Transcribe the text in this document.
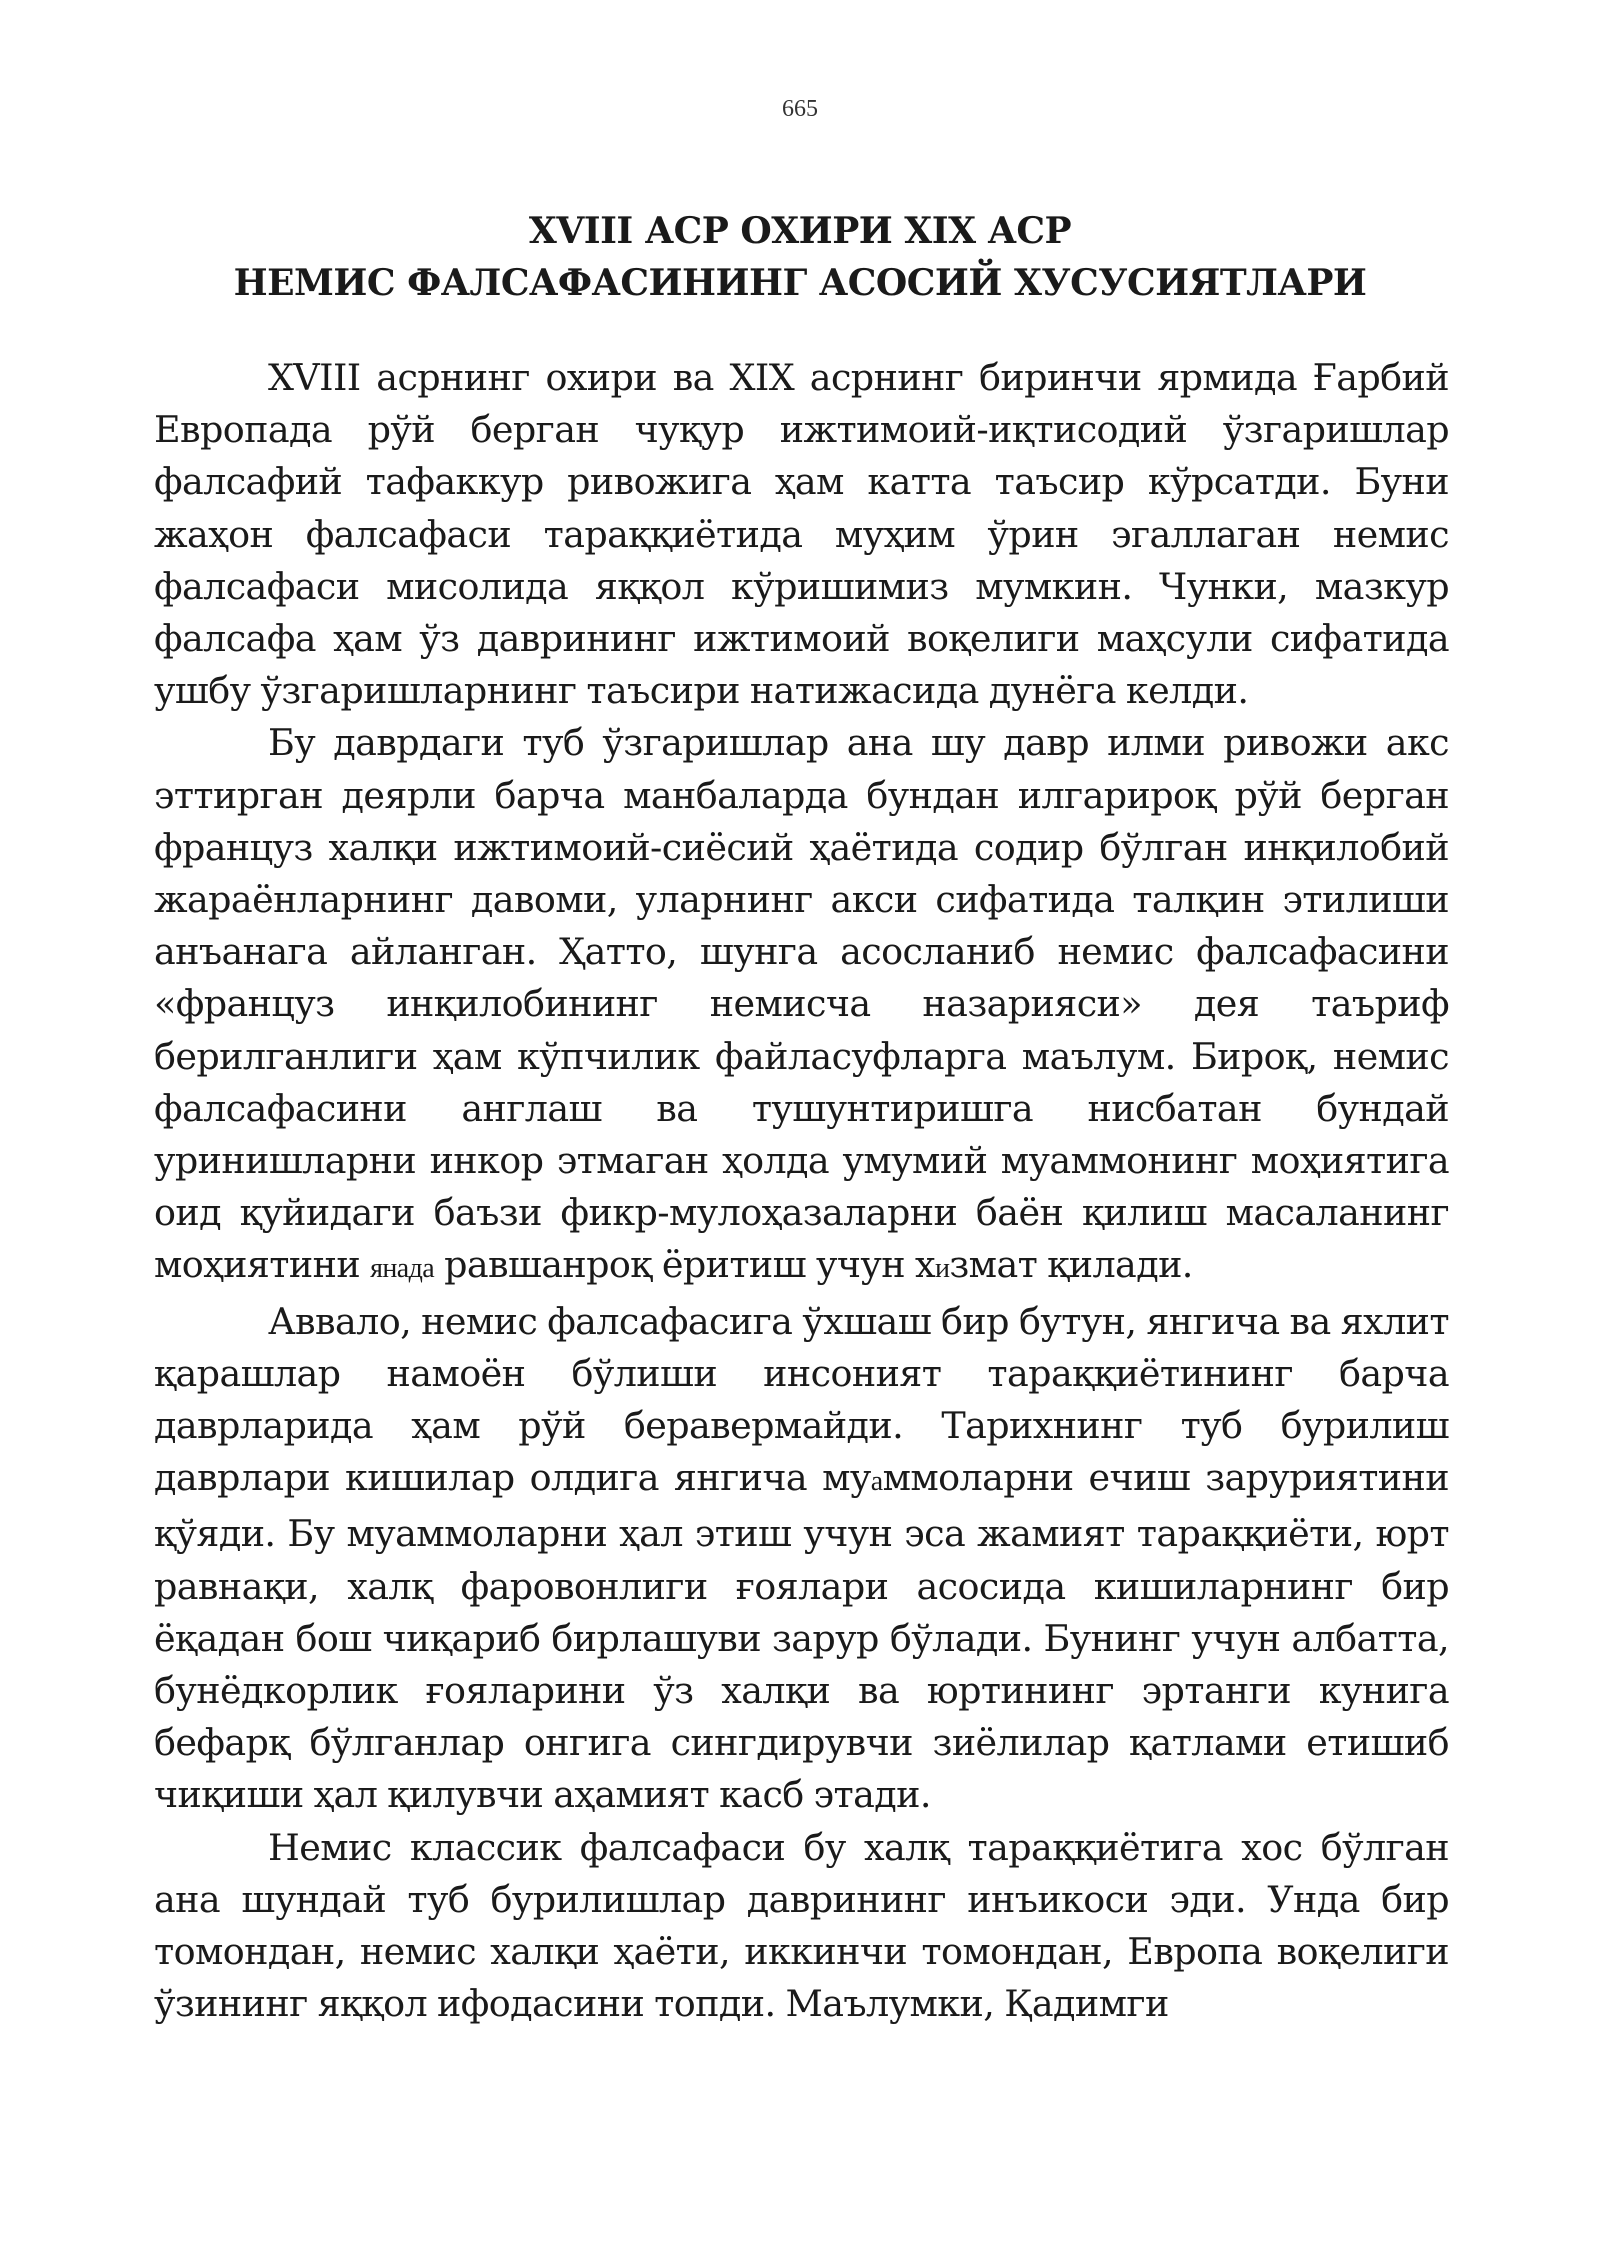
665
XVIII АСР ОХИРИ XIX АСР
НЕМИС ФАЛСАФАСИНИНГ АСОСИЙ ХУСУСИЯТЛАРИ

XVIII асрнинг охири ва XIX асрнинг биринчи ярмида Ғарбий Европада рўй берган чуқур ижтимоий-иқтисодий ўзгаришлар фалсафий тафаккур ривожига ҳам катта таъсир кўрсатди. Буни жаҳон фалсафаси тараққиётида муҳим ўрин эгаллаган немис фалсафаси мисолида яққол кўришимиз мумкин. Чунки, мазкур фалсафа ҳам ўз даврининг ижтимоий воқелиги маҳсули сифатида ушбу ўзгаришларнинг таъсири натижасида дунёга келди.

Бу даврдаги туб ўзгаришлар ана шу давр илми ривожи акс эттирган деярли барча манбаларда бундан илгарироқ рўй берган француз халқи ижтимоий-сиёсий ҳаётида содир бўлган инқилобий жараёнларнинг давоми, уларнинг акси сифатида талқин этилиши анъанага айланган. Ҳатто, шунга асосланиб немис фалсафасини «француз инқилобининг немисча назарияси» дея таъриф берилганлиги ҳам кўпчилик файласуфларга маълум. Бироқ, немис фалсафасини англаш ва тушунтиришга нисбатан бундай уринишларни инкор этмаган ҳолда умумий муаммонинг моҳиятига оид қуйидаги баъзи фикр-мулоҳазаларни баён қилиш масаланинг моҳиятини янада равшанроқ ёритиш учун хизмат қилади.

Аввало, немис фалсафасига ўхшаш бир бутун, янгича ва яхлит қарашлар намоён бўлиши инсоният тараққиётининг барча даврларида ҳам рўй беравермайди. Тарихнинг туб бурилиш даврлари кишилар олдига янгича муаммоларни ечиш заруриятини қўяди. Бу муаммоларни ҳал этиш учун эса жамият тараққиёти, юрт равнақи, халқ фаровонлиги ғоялари асосида кишиларнинг бир ёқадан бош чиқариб бирлашуви зарур бўлади. Бунинг учун албатта, бунёдкорлик ғояларини ўз халқи ва юртининг эртанги кунига бефарқ бўлганлар онгига сингдирувчи зиёлилар қатлами етишиб чиқиши ҳал қилувчи аҳамият касб этади.

Немис классик фалсафаси бу халқ тараққиётига хос бўлган ана шундай туб бурилишлар даврининг инъикоси эди. Унда бир томондан, немис халқи ҳаёти, иккинчи томондан, Европа воқелиги ўзининг яққол ифодасини топди. Маълумки, Қадимги
